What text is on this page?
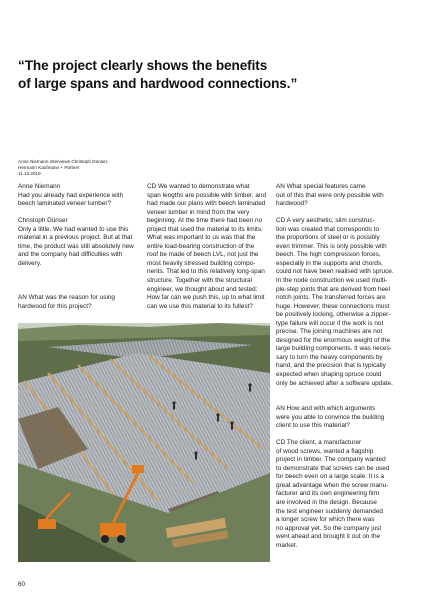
“The project clearly shows the benefits
of large spans and hardwood connections.”
Anne Niemann interviews Christoph Dünser,
Hermann Kaufmann + Partner
11.12.2019
Anne Niemann
Had you already had experience with
beech laminated veneer lumber?
Christoph Dünser
Only a little. We had wanted to use this
material in a previous project. But at that
time, the product was still absolutely new
and the company had difficulties with
delivery.
AN What was the reason for using
hardwood for this project?
CD We wanted to demonstrate what
span lengths are possible with timber, and
had made our plans with beech laminated
veneer lumber in mind from the very
beginning. At the time there had been no
project that used the material to its limits.
What was important to us was that the
entire load-bearing construction of the
roof be made of beech LVL, not just the
most heavily stressed building compo-
nents. That led to this relatively long-span
structure. Together with the structural
engineer, we thought about and tested:
How far can we push this, up to what limit
can we use this material to its fullest?
AN What special features came
out of this that were only possible with
hardwood?
CD A very aesthetic, slim construc-
tion was created that corresponds to
the proportions of steel or is possibly
even trimmer. This is only possible with
beech. The high compression forces,
especially in the supports and chords,
could not have been realised with spruce.
In the node construction we used multi-
ple-step joints that are derived from heel
notch joints. The transferred forces are
huge. However, these connections must
be positively locking, otherwise a zipper-
type failure will occur if the work is not
precise. The joining machines are not
designed for the enormous weight of the
large building components. It was neces-
sary to turn the heavy components by
hand, and the precision that is typically
expected when shaping spruce could
only be achieved after a software update.
AN How and with which arguments
were you able to convince the building
client to use this material?
CD The client, a manufacturer
of wood screws, wanted a flagship
project in timber. The company wanted
to demonstrate that screws can be used
for beech even on a large scale. It is a
great advantage when the screw manu-
facturer and its own engineering firm
are involved in the design. Because
the test engineer suddenly demanded
a longer screw for which there was
no approval yet. So the company just
went ahead and brought it out on the
market.
60
